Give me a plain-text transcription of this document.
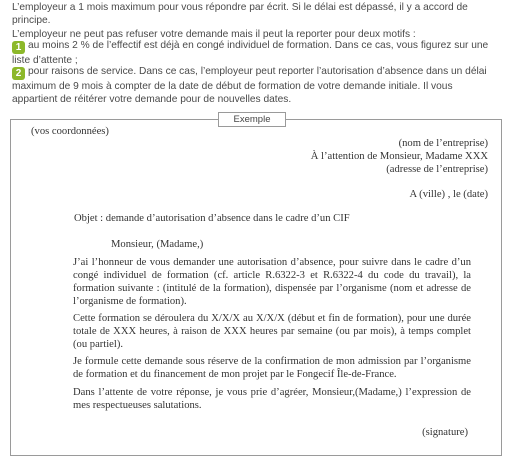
L’employeur a 1 mois maximum pour vous répondre par écrit. Si le délai est dépassé, il y a accord de principe.

L’employeur ne peut pas refuser votre demande mais il peut la reporter pour deux motifs :

1 au moins 2 % de l’effectif est déjà en congé individuel de formation. Dans ce cas, vous figurez sur une liste d’attente ;
2 pour raisons de service. Dans ce cas, l’employeur peut reporter l’autorisation d’absence dans un délai maximum de 9 mois à compter de la date de début de formation de votre demande initiale. Il vous appartient de réitérer votre demande pour de nouvelles dates.
Exemple
(vos coordonnées)
(nom de l’entreprise)
À l’attention de Monsieur, Madame XXX
(adresse de l’entreprise)
A (ville) , le (date)
Objet : demande d’autorisation d’absence dans le cadre d’un CIF
Monsieur, (Madame,)

J’ai l’honneur de vous demander une autorisation d’absence, pour suivre dans le cadre d’un congé individuel de formation (cf. article R.6322-3 et R.6322-4 du code du travail), la formation suivante : (intitulé de la formation), dispensée par l’organisme (nom et adresse de l’organisme de formation).

Cette formation se déroulera du X/X/X au X/X/X (début et fin de formation), pour une durée totale de XXX heures, à raison de XXX heures par semaine (ou par mois), à temps complet (ou partiel).

Je formule cette demande sous réserve de la confirmation de mon admission par l’organisme de formation et du financement de mon projet par le Fongecif Île-de-France.

Dans l’attente de votre réponse, je vous prie d’agréer, Monsieur,(Madame,) l’expression de mes respectueuses salutations.

(signature)
